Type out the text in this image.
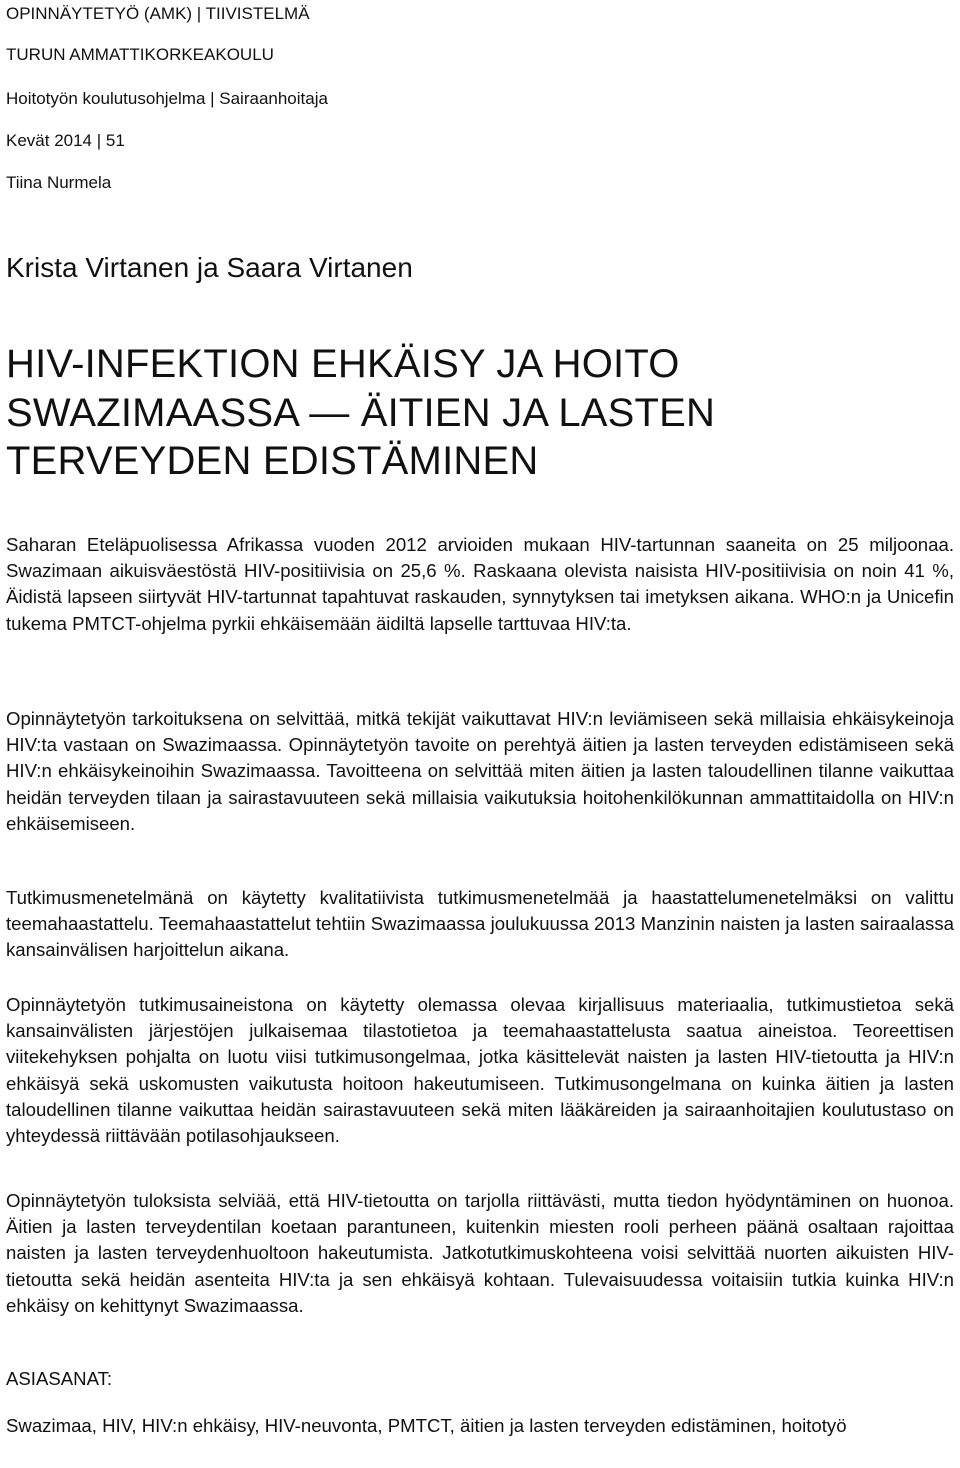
OPINNÄYTETYÖ (AMK) | TIIVISTELMÄ
TURUN AMMATTIKORKEAKOULU
Hoitotyön koulutusohjelma | Sairaanhoitaja
Kevät 2014 | 51
Tiina Nurmela
Krista Virtanen ja Saara Virtanen
HIV-INFEKTION EHKÄISY JA HOITO
SWAZIMAASSA — ÄITIEN JA LASTEN
TERVEYDEN EDISTÄMINEN

Saharan Eteläpuolisessa Afrikassa vuoden 2012 arvioiden mukaan HIV-tartunnan saaneita on 25 miljoonaa. Swazimaan aikuisväestöstä HIV-positiivisia on 25,6 %. Raskaana olevista naisista HIV-positiivisia on noin 41 %, Äidistä lapseen siirtyvät HIV-tartunnat tapahtuvat raskauden, synnytyksen tai imetyksen aikana. WHO:n ja Unicefin tukema PMTCT-ohjelma pyrkii ehkäisemään äidiltä lapselle tarttuvaa HIV:ta.

Opinnäytetyön tarkoituksena on selvittää, mitkä tekijät vaikuttavat HIV:n leviämiseen sekä millaisia ehkäisykeinoja HIV:ta vastaan on Swazimaassa. Opinnäytetyön tavoite on perehtyä äitien ja lasten terveyden edistämiseen sekä HIV:n ehkäisykeinoihin Swazimaassa. Tavoitteena on selvittää miten äitien ja lasten taloudellinen tilanne vaikuttaa heidän terveyden tilaan ja sairastavuuteen sekä millaisia vaikutuksia hoitohenkilökunnan ammattitaidolla on HIV:n ehkäisemiseen.

Tutkimusmenetelmänä on käytetty kvalitatiivista tutkimusmenetelmää ja haastattelumenetelmäksi on valittu teemahaastattelu. Teemahaastattelut tehtiin Swazimaassa joulukuussa 2013 Manzinin naisten ja lasten sairaalassa kansainvälisen harjoittelun aikana.

Opinnäytetyön tutkimusaineistona on käytetty olemassa olevaa kirjallisuus materiaalia, tutkimustietoa sekä kansainvälisten järjestöjen julkaisemaa tilastotietoa ja teemahaastattelusta saatua aineistoa. Teoreettisen viitekehyksen pohjalta on luotu viisi tutkimusongelmaa, jotka käsittelevät naisten ja lasten HIV-tietoutta ja HIV:n ehkäisyä sekä uskomusten vaikutusta hoitoon hakeutumiseen. Tutkimusongelmana on kuinka äitien ja lasten taloudellinen tilanne vaikuttaa heidän sairastavuuteen sekä miten lääkäreiden ja sairaanhoitajien koulutustaso on yhteydessä riittävään potilasohjaukseen.

Opinnäytetyön tuloksista selviää, että HIV-tietoutta on tarjolla riittävästi, mutta tiedon hyödyntäminen on huonoa. Äitien ja lasten terveydentilan koetaan parantuneen, kuitenkin miesten rooli perheen päänä osaltaan rajoittaa naisten ja lasten terveydenhuoltoon hakeutumista. Jatkotutkimuskohteena voisi selvittää nuorten aikuisten HIV-tietoutta sekä heidän asenteita HIV:ta ja sen ehkäisyä kohtaan. Tulevaisuudessa voitaisiin tutkia kuinka HIV:n ehkäisy on kehittynyt Swazimaassa.

ASIASANAT:

Swazimaa, HIV, HIV:n ehkäisy, HIV-neuvonta, PMTCT, äitien ja lasten terveyden edistäminen, hoitotyö
